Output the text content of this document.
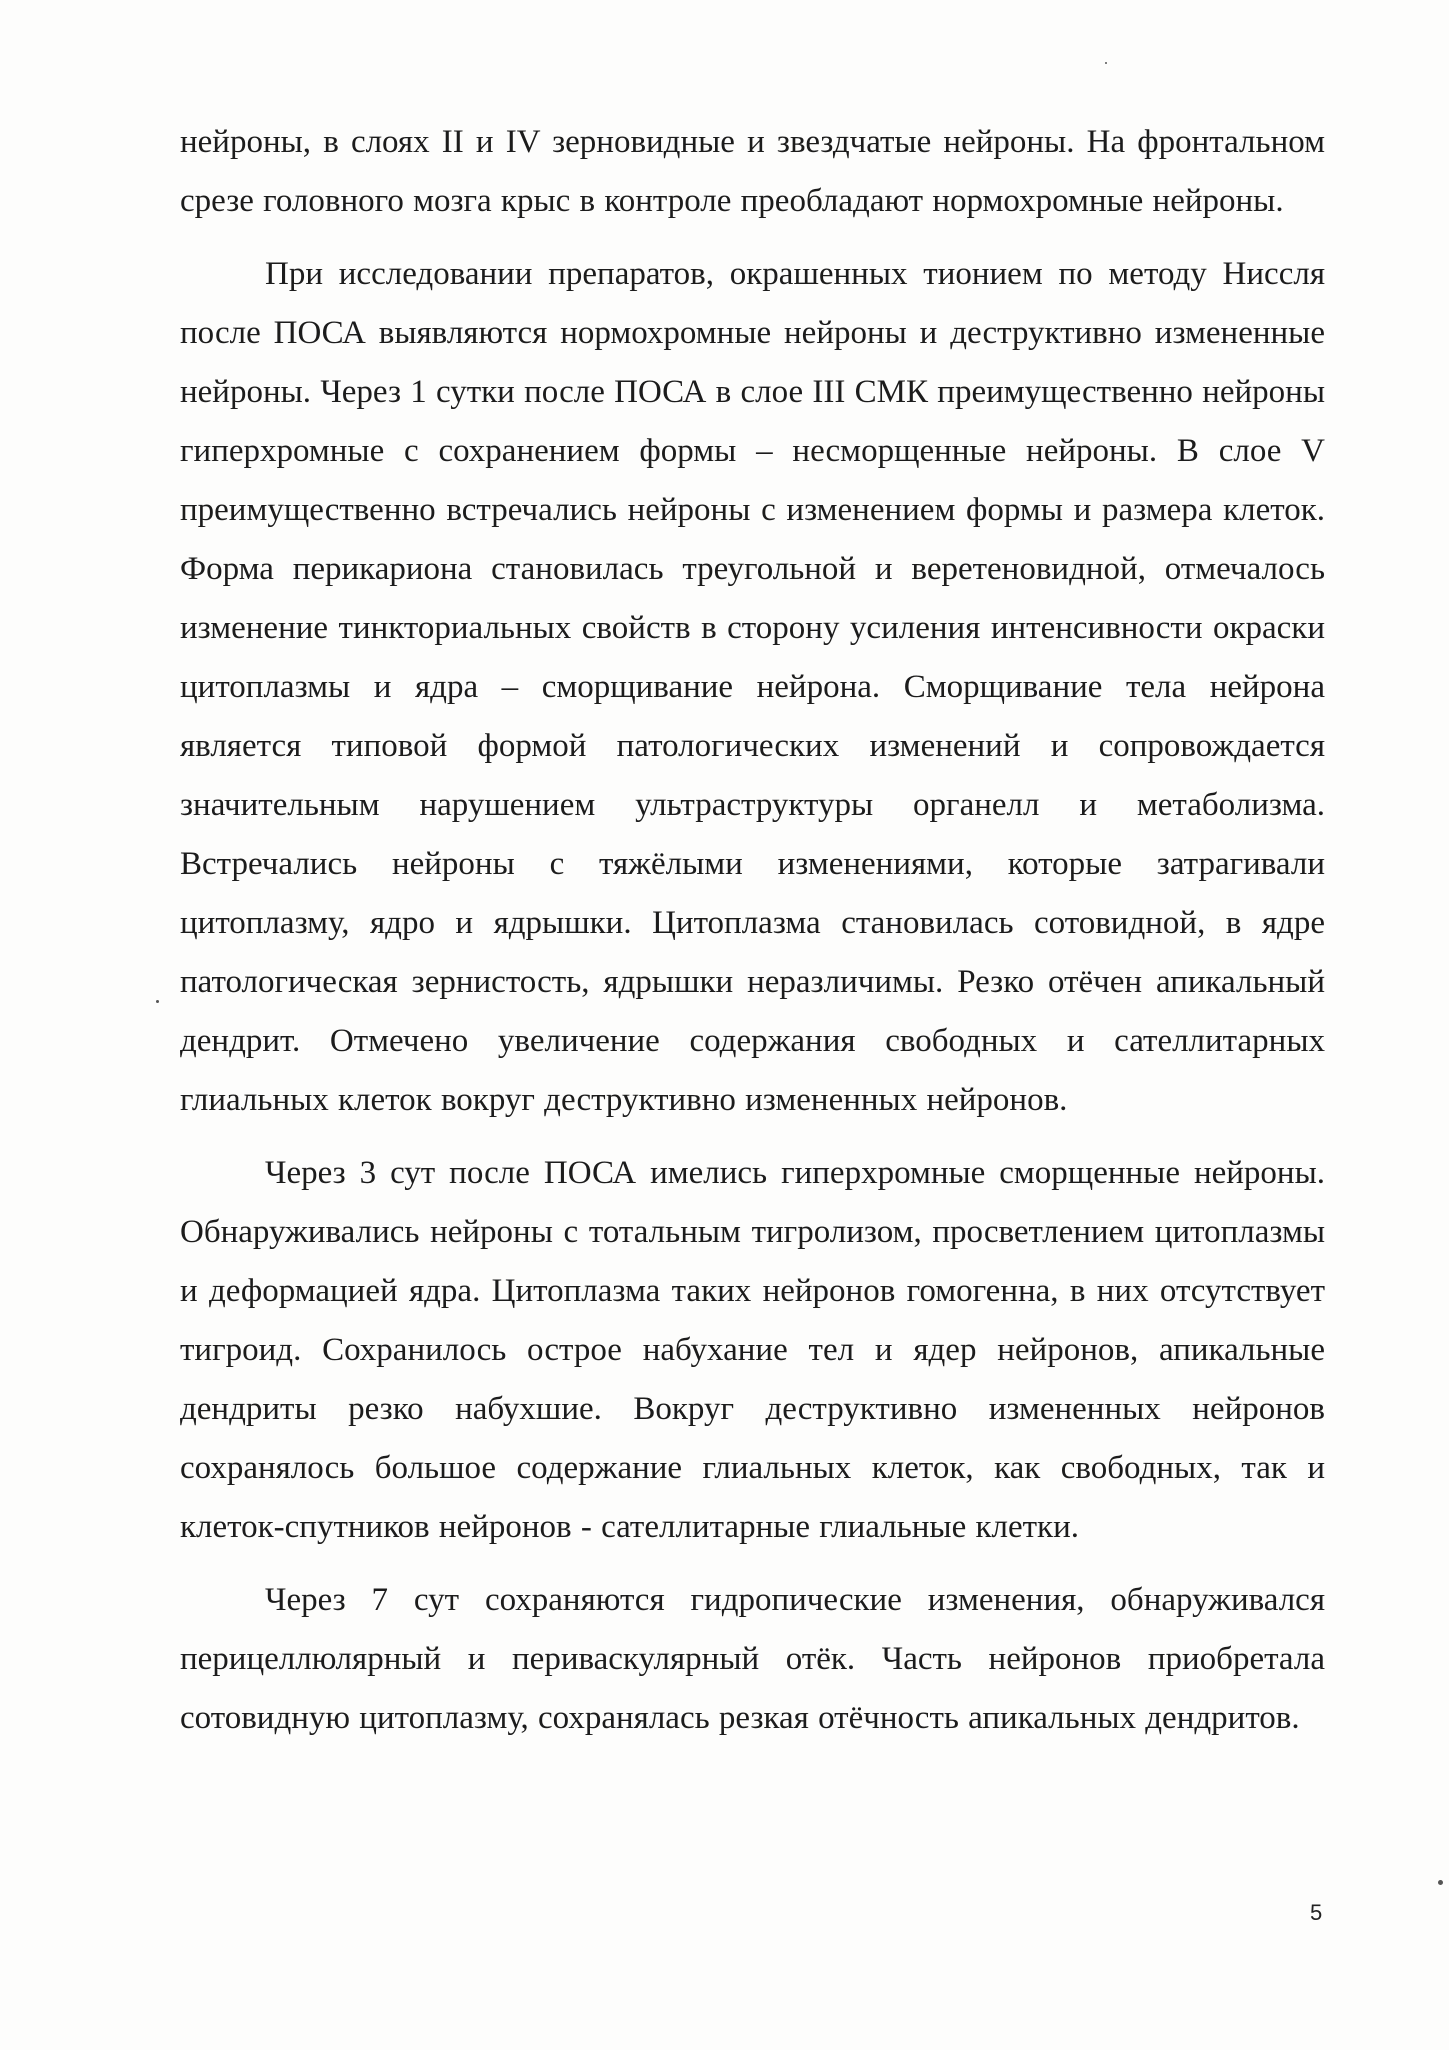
нейроны, в слоях II и IV зерновидные и звездчатые нейроны. На фронтальном срезе головного мозга крыс в контроле преобладают нормохромные нейроны.

При исследовании препаратов, окрашенных тионием по методу Ниссля после ПОСА выявляются нормохромные нейроны и деструктивно измененные нейроны. Через 1 сутки после ПОСА в слое III СМК преимущественно нейроны гиперхромные с сохранением формы – несморщенные нейроны. В слое V преимущественно встречались нейроны с изменением формы и размера клеток. Форма перикариона становилась треугольной и веретеновидной, отмечалось изменение тинкториальных свойств в сторону усиления интенсивности окраски цитоплазмы и ядра – сморщивание нейрона. Сморщивание тела нейрона является типовой формой патологических изменений и сопровождается значительным нарушением ультраструктуры органелл и метаболизма. Встречались нейроны с тяжёлыми изменениями, которые затрагивали цитоплазму, ядро и ядрышки. Цитоплазма становилась сотовидной, в ядре патологическая зернистость, ядрышки неразличимы. Резко отёчен апикальный дендрит. Отмечено увеличение содержания свободных и сателлитарных глиальных клеток вокруг деструктивно измененных нейронов.

Через 3 сут после ПОСА имелись гиперхромные сморщенные нейроны. Обнаруживались нейроны с тотальным тигролизом, просветлением цитоплазмы и деформацией ядра. Цитоплазма таких нейронов гомогенна, в них отсутствует тигроид. Сохранилось острое набухание тел и ядер нейронов, апикальные дендриты резко набухшие. Вокруг деструктивно измененных нейронов сохранялось большое содержание глиальных клеток, как свободных, так и клеток-спутников нейронов - сателлитарные глиальные клетки.

Через 7 сут сохраняются гидропические изменения, обнаруживался перицеллюлярный и периваскулярный отёк. Часть нейронов приобретала сотовидную цитоплазму, сохранялась резкая отёчность апикальных дендритов.

5
